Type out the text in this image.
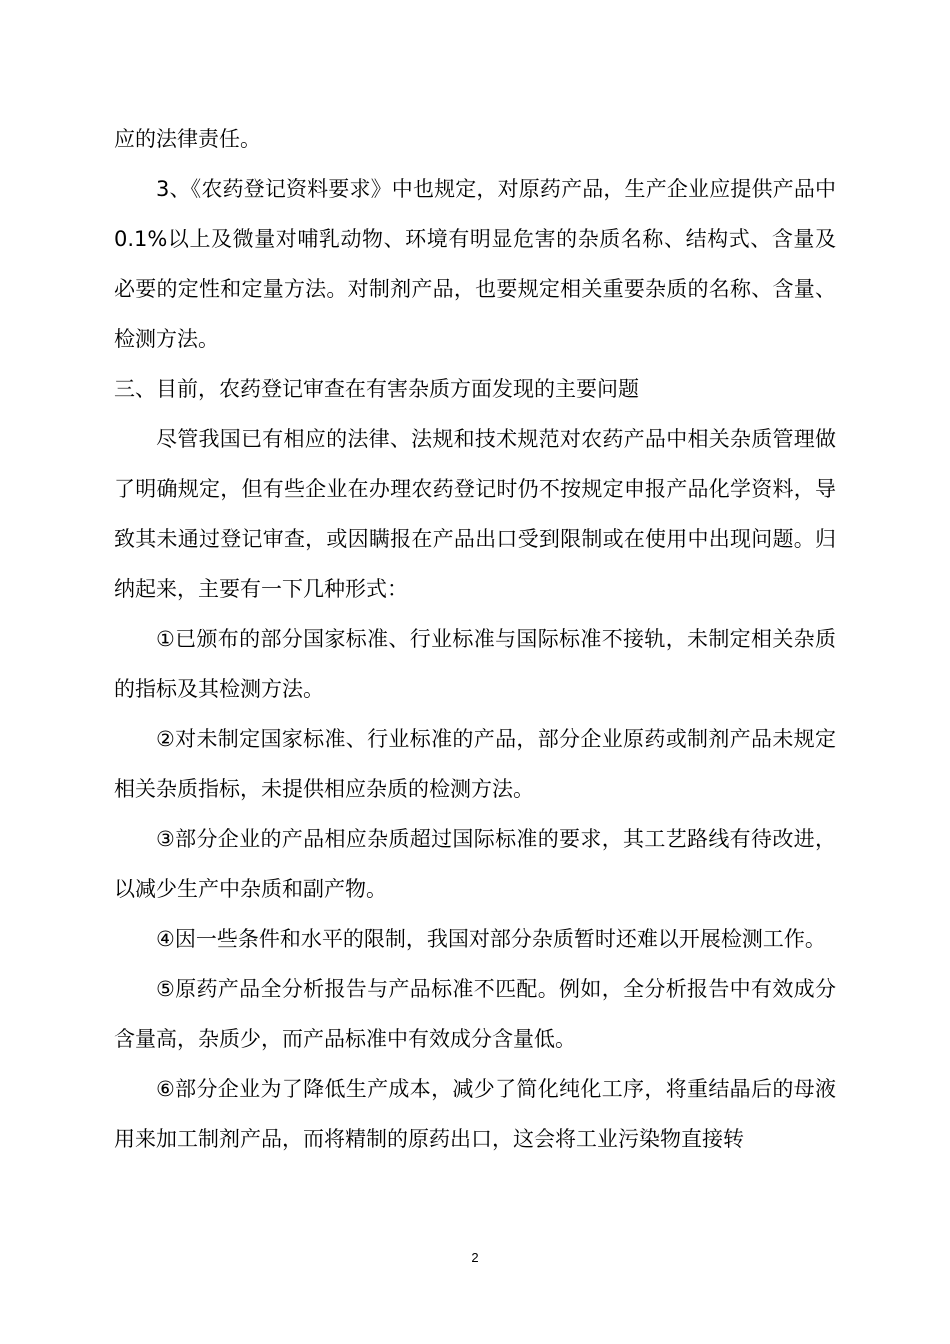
应的法律责任。

3、《农药登记资料要求》中也规定，对原药产品，生产企业应提供产品中 0.1%以上及微量对哺乳动物、环境有明显危害的杂质名称、结构式、含量及必要的定性和定量方法。对制剂产品，也要规定相关重要杂质的名称、含量、检测方法。

三、目前，农药登记审查在有害杂质方面发现的主要问题

尽管我国已有相应的法律、法规和技术规范对农药产品中相关杂质管理做了明确规定，但有些企业在办理农药登记时仍不按规定申报产品化学资料，导致其未通过登记审查，或因瞒报在产品出口受到限制或在使用中出现问题。归纳起来，主要有一下几种形式：

①已颁布的部分国家标准、行业标准与国际标准不接轨，未制定相关杂质的指标及其检测方法。

②对未制定国家标准、行业标准的产品，部分企业原药或制剂产品未规定相关杂质指标，未提供相应杂质的检测方法。

③部分企业的产品相应杂质超过国际标准的要求，其工艺路线有待改进，以减少生产中杂质和副产物。

④因一些条件和水平的限制，我国对部分杂质暂时还难以开展检测工作。

⑤原药产品全分析报告与产品标准不匹配。例如，全分析报告中有效成分含量高，杂质少，而产品标准中有效成分含量低。

⑥部分企业为了降低生产成本，减少了简化纯化工序，将重结晶后的母液用来加工制剂产品，而将精制的原药出口，这会将工业污染物直接转

2
